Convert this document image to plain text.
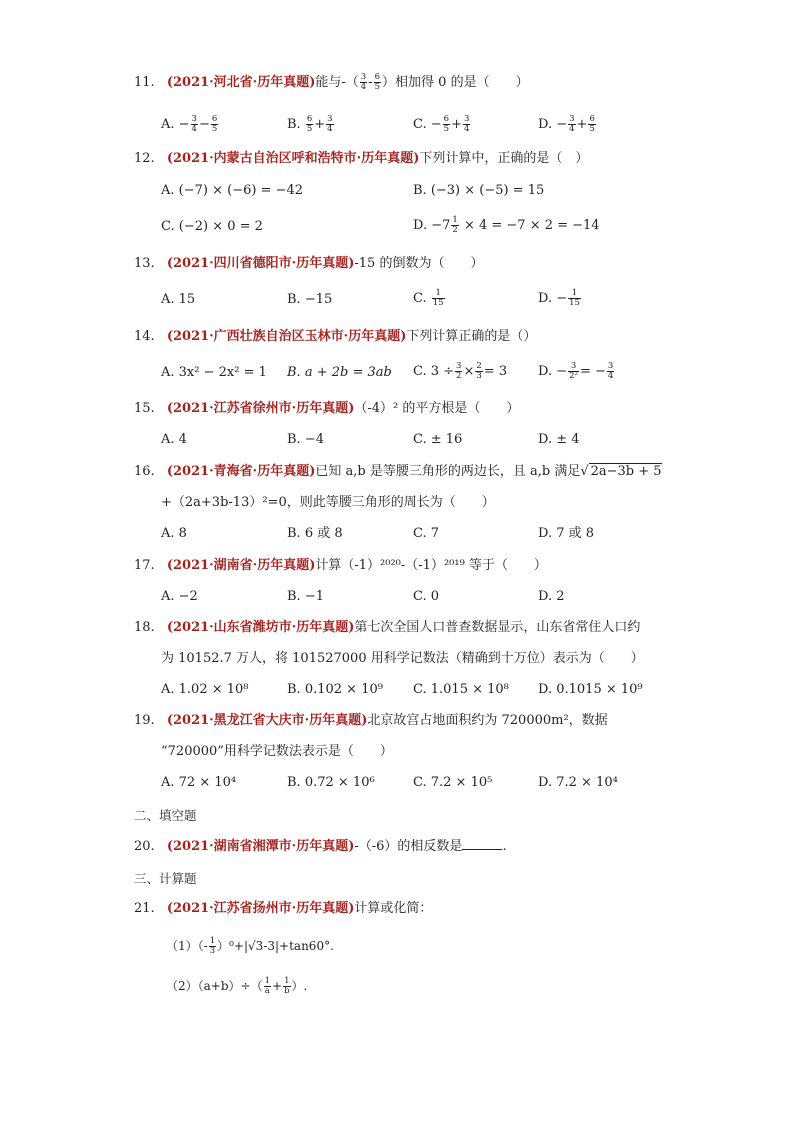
11. (2021·河北省·历年真题)能与-（ $\frac{3}{4} - \frac{6}{5}$ ）相加得 0 的是（　　）
A. − $\frac{3}{4} - \frac{6}{5}$	B. $\frac{6}{5} + \frac{3}{4}$	C. − $\frac{6}{5} + \frac{3}{4}$	D. − $\frac{3}{4} + \frac{6}{5}$
12. (2021·内蒙古自治区呼和浩特市·历年真题)下列计算中，正确的是（　）
A. (−7) × (−6) = −42	B. (−3) × (−5) = 15
C. (−2) × 0 = 2	D. $-7 \frac{1}{2} \times 4 = -7 \times 2 = -14$
13. (2021·四川省德阳市·历年真题)-15 的倒数为（　　）
A. 15	B. −15	C. $\frac{1}{15}$	D. − $\frac{1}{15}$
14. (2021·广西壮族自治区玉林市·历年真题)下列计算正确的是（）
A. 3x² − 2x² = 1 B. a + 2b = 3ab C. $3 \div \frac{3}{2} \times \frac{2}{3} = 3$ D. − $\frac{3}{\text{2²}}$ = − $\frac{3}{4}$
15. (2021·江苏省徐州市·历年真题)（-4）² 的平方根是（　　）
A. 4	B. −4	C. ± 16	D. ± 4
16. (2021·青海省·历年真题)已知 a,b 是等腰三角形的两边长，且 a,b 满足√ 2a−3b + 5
+（2a+3b-13）²=0，则此等腰三角形的周长为（　　）
A. 8	B. 6 或 8	C. 7	D. 7 或 8
17. (2021·湖南省·历年真题)计算（-1）²⁰²⁰-（-1）²⁰¹⁹ 等于（　　）
A. −2	B. −1	C. 0	D. 2
18. (2021·山东省潍坊市·历年真题)第七次全国人口普查数据显示，山东省常住人口约
为 10152.7 万人，将 101527000 用科学记数法（精确到十万位）表示为（　　）
A. 1.02 × 10⁸	B. 0.102 × 10⁹ C. 1.015 × 10⁸ D. 0.1015 × 10⁹
19. (2021·黑龙江省大庆市·历年真题)北京故宫占地面积约为 720000m²，数据
“720000”用科学记数法表示是（　　）
A. 72 × 10⁴	B. 0.72 × 10⁶	C. 7.2 × 10⁵	D. 7.2 × 10⁴
二、填空题
20. (2021·湖南省湘潭市·历年真题)-（-6）的相反数是	.
三、计算题
21. (2021·江苏省扬州市·历年真题)计算或化简：
$(1)(- \frac{1}{3} )^0+|√3-3|+\tan 60^\circ$.
$(2)(a+b)\div( \frac{1}{a} + \frac{1}{b}$ ）.
